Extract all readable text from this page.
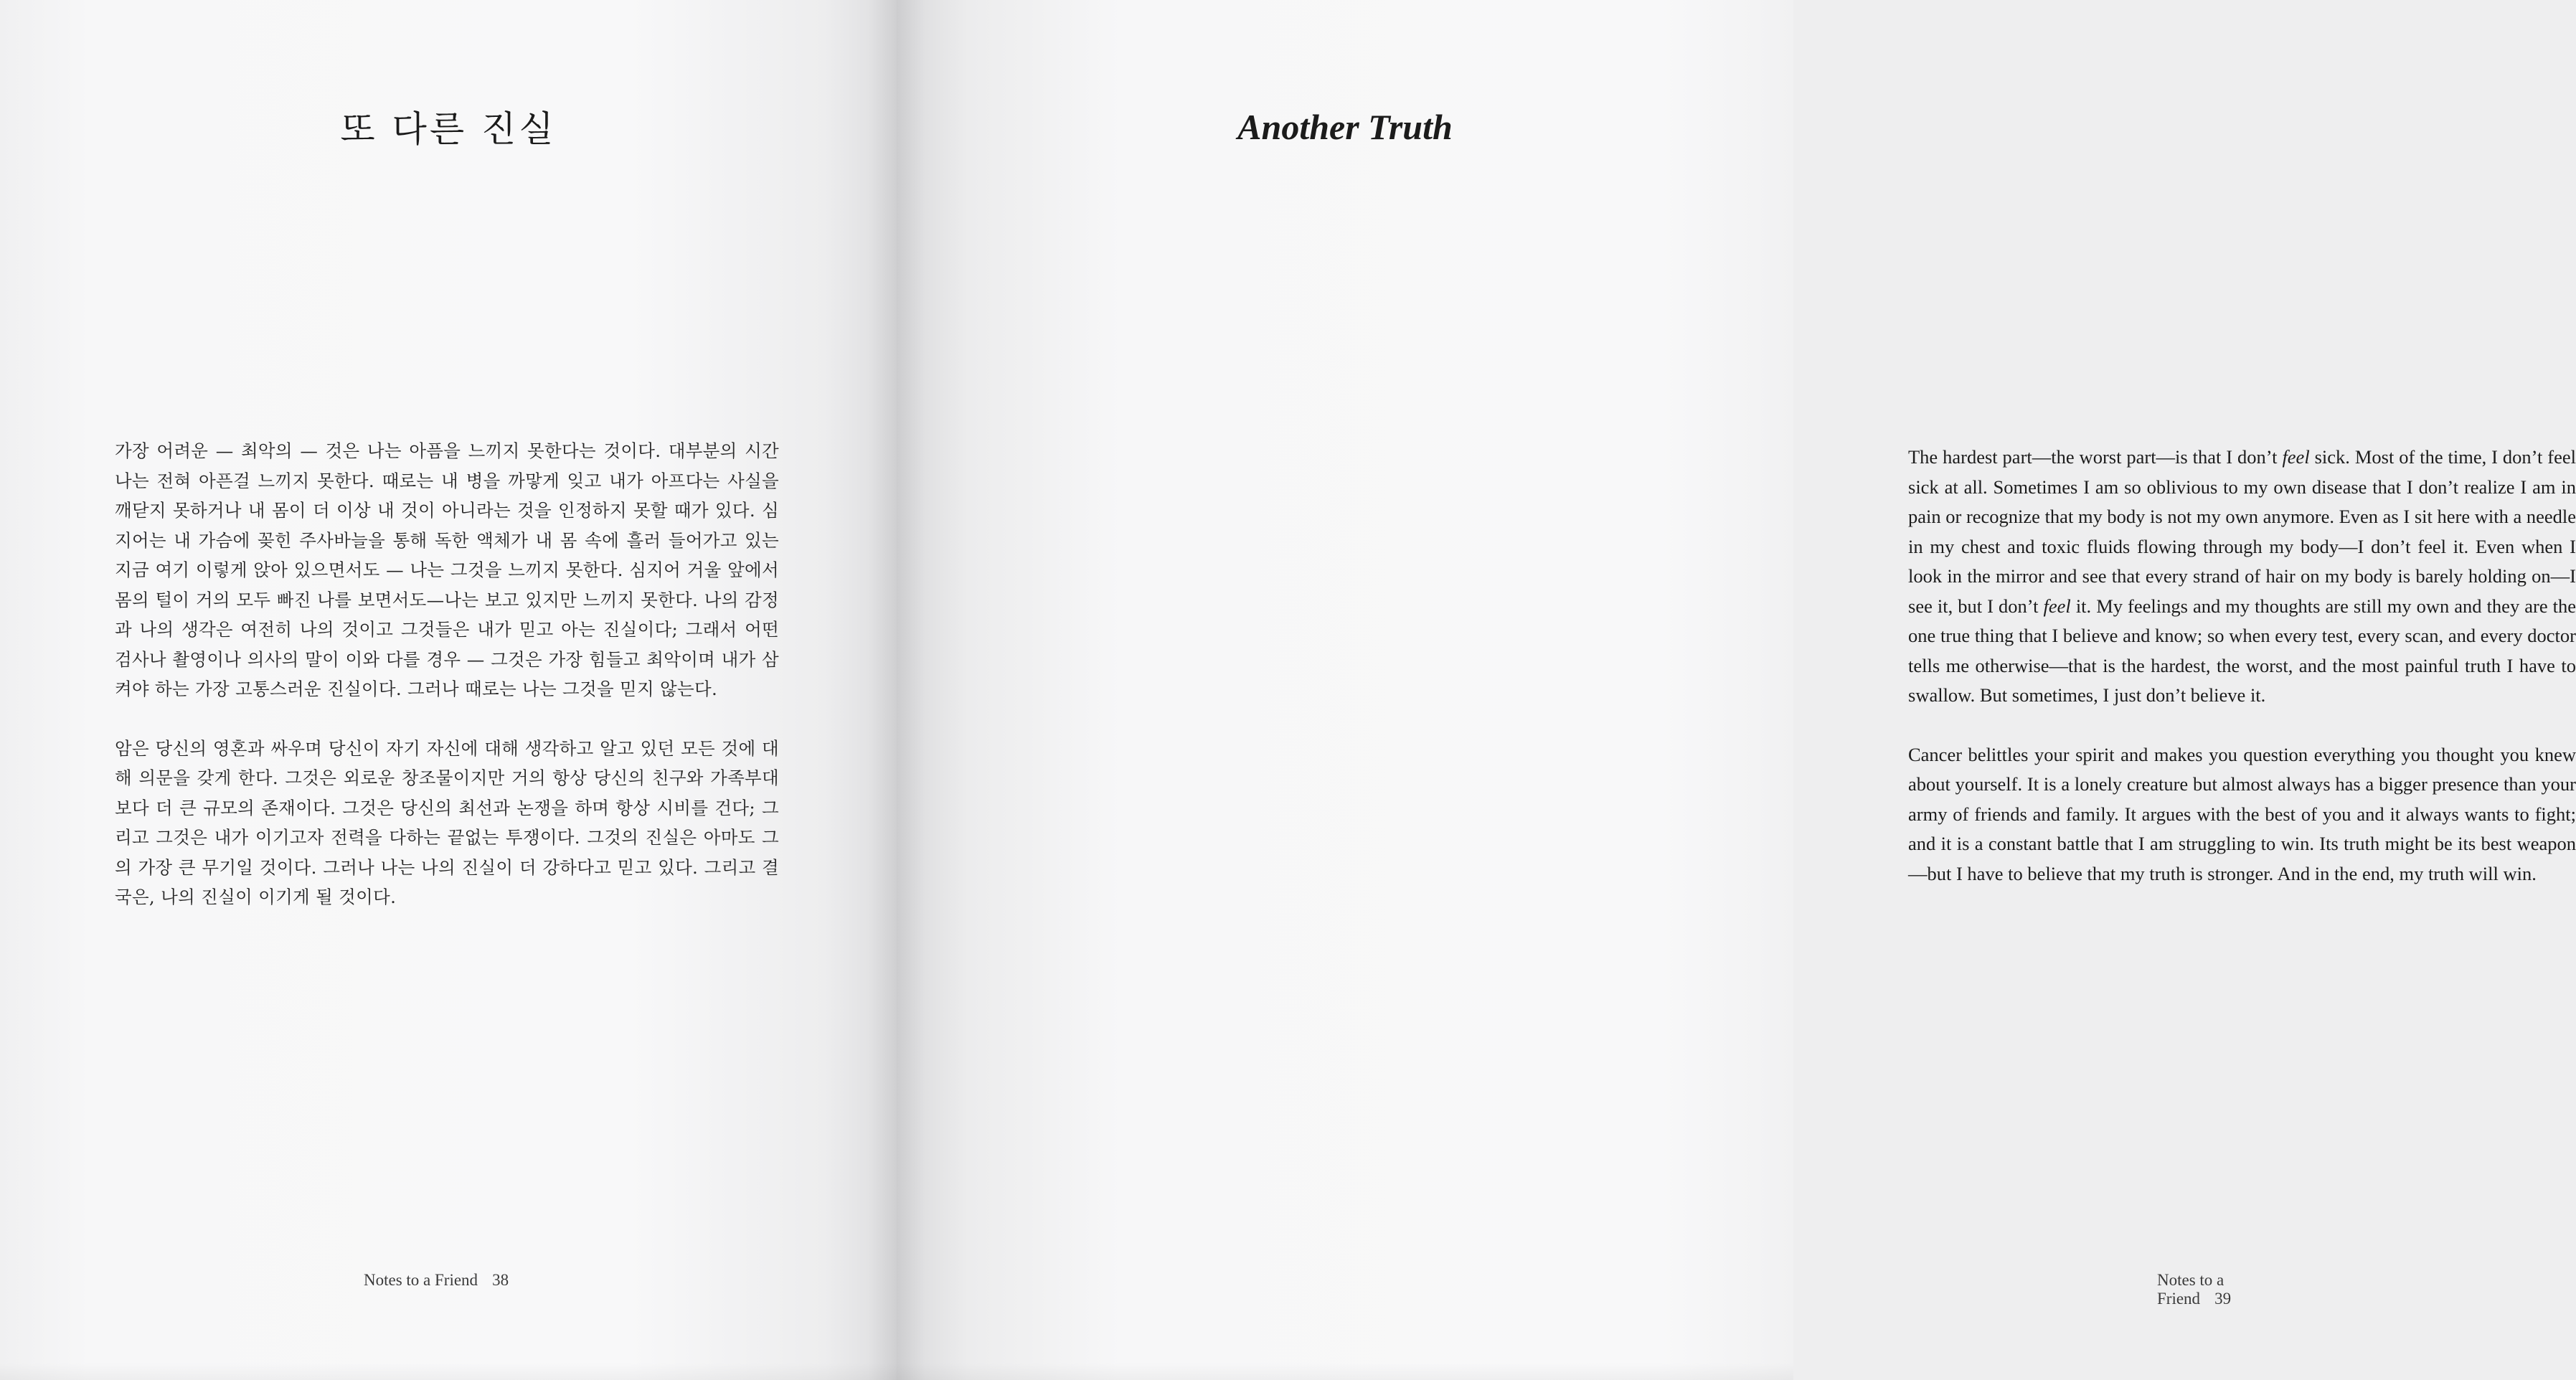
또 다른 진실

가장 어려운 — 최악의 — 것은 나는 아픔을 느끼지 못한다는 것이다. 대부분의 시간 나는 전혀 아픈걸 느끼지 못한다. 때로는 내 병을 까맣게 잊고 내가 아프다는 사실을 깨닫지 못하거나 내 몸이 더 이상 내 것이 아니라는 것을 인정하지 못할 때가 있다. 심지어는 내 가슴에 꽂힌 주사바늘을 통해 독한 액체가 내 몸 속에 흘러 들어가고 있는 지금 여기 이렇게 앉아 있으면서도 — 나는 그것을 느끼지 못한다. 심지어 거울 앞에서 몸의 털이 거의 모두 빠진 나를 보면서도—나는 보고 있지만 느끼지 못한다. 나의 감정과 나의 생각은 여전히 나의 것이고 그것들은 내가 믿고 아는 진실이다; 그래서 어떤 검사나 촬영이나 의사의 말이 이와 다를 경우 — 그것은 가장 힘들고 최악이며 내가 삼켜야 하는 가장 고통스러운 진실이다. 그러나 때로는 나는 그것을 믿지 않는다.

암은 당신의 영혼과 싸우며 당신이 자기 자신에 대해 생각하고 알고 있던 모든 것에 대해 의문을 갖게 한다. 그것은 외로운 창조물이지만 거의 항상 당신의 친구와 가족부대보다 더 큰 규모의 존재이다. 그것은 당신의 최선과 논쟁을 하며 항상 시비를 건다; 그리고 그것은 내가 이기고자 전력을 다하는 끝없는 투쟁이다. 그것의 진실은 아마도 그의 가장 큰 무기일 것이다. 그러나 나는 나의 진실이 더 강하다고 믿고 있다. 그리고 결국은, 나의 진실이 이기게 될 것이다.

Notes to a Friend 38
Another Truth

The hardest part—the worst part—is that I don’t feel sick. Most of the time, I don’t feel sick at all. Sometimes I am so oblivious to my own disease that I don’t realize I am in pain or recognize that my body is not my own anymore. Even as I sit here with a needle in my chest and toxic fluids flowing through my body—I don’t feel it. Even when I look in the mirror and see that every strand of hair on my body is barely holding on—I see it, but I don’t feel it. My feelings and my thoughts are still my own and they are the one true thing that I believe and know; so when every test, every scan, and every doctor tells me otherwise—that is the hardest, the worst, and the most painful truth I have to swallow. But sometimes, I just don’t believe it.

Cancer belittles your spirit and makes you question everything you thought you knew about yourself. It is a lonely creature but almost always has a bigger presence than your army of friends and family. It argues with the best of you and it always wants to fight; and it is a constant battle that I am struggling to win. Its truth might be its best weapon—but I have to believe that my truth is stronger. And in the end, my truth will win.

Notes to a Friend 39
